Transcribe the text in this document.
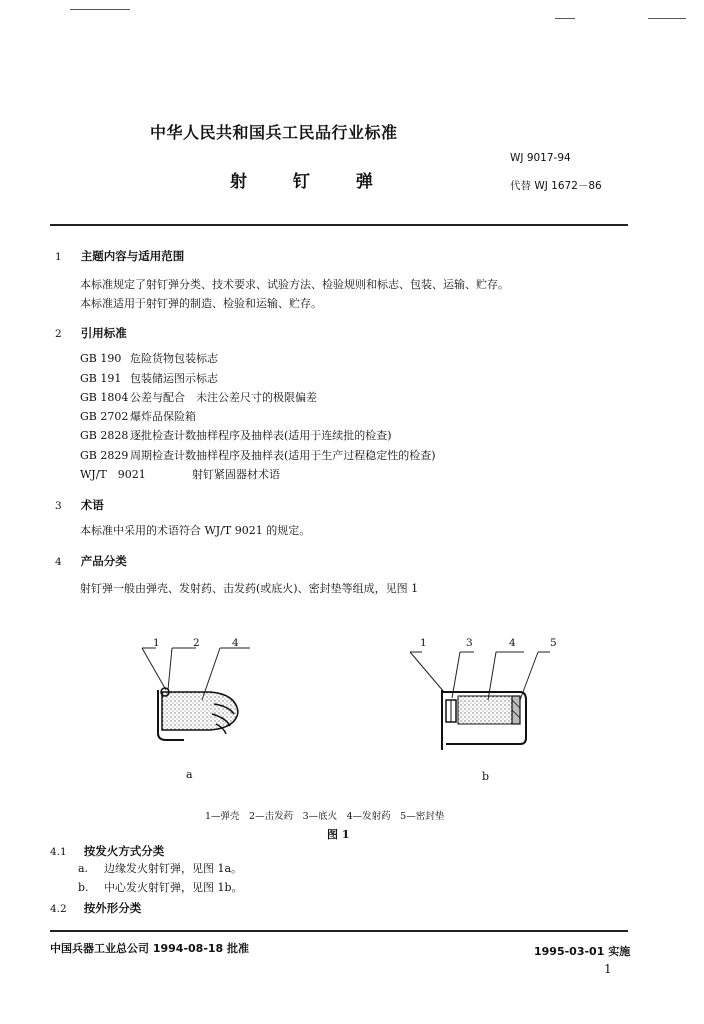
中华人民共和国兵工民品行业标准
WJ 9017-94
射 钉 弹	代替 WJ 1672－86
1 主题内容与适用范围
本标准规定了射钉弹分类、技术要求、试验方法、检验规则和标志、包装、运输、贮存。
本标准适用于射钉弹的制造、检验和运输、贮存。
2 引用标准
GB 190 危险货物包装标志
GB 191 包装储运图示标志
GB 1804 公差与配合　未注公差尺寸的极限偏差
GB 2702 爆炸品保险箱
GB 2828 逐批检查计数抽样程序及抽样表(适用于连续批的检查)
GB 2829 周期检查计数抽样程序及抽样表(适用于生产过程稳定性的检查)
WJ/T　9021	射钉紧固器材术语
3 术语
本标准中采用的术语符合 WJ/T 9021 的规定。
4 产品分类
射钉弹一般由弹壳、发射药、击发药(或底火)、密封垫等组成，见图 1
1	2	4
a
1	3	4	5
b
1—弹壳　2—击发药　3—底火　4—发射药　5—密封垫
图 1
4.1 按发火方式分类
a. 边缘发火射钉弹，见图 1a。
b. 中心发火射钉弹，见图 1b。
4.2 按外形分类
中国兵器工业总公司 1994-08-18 批准	1995-03-01 实施
1
